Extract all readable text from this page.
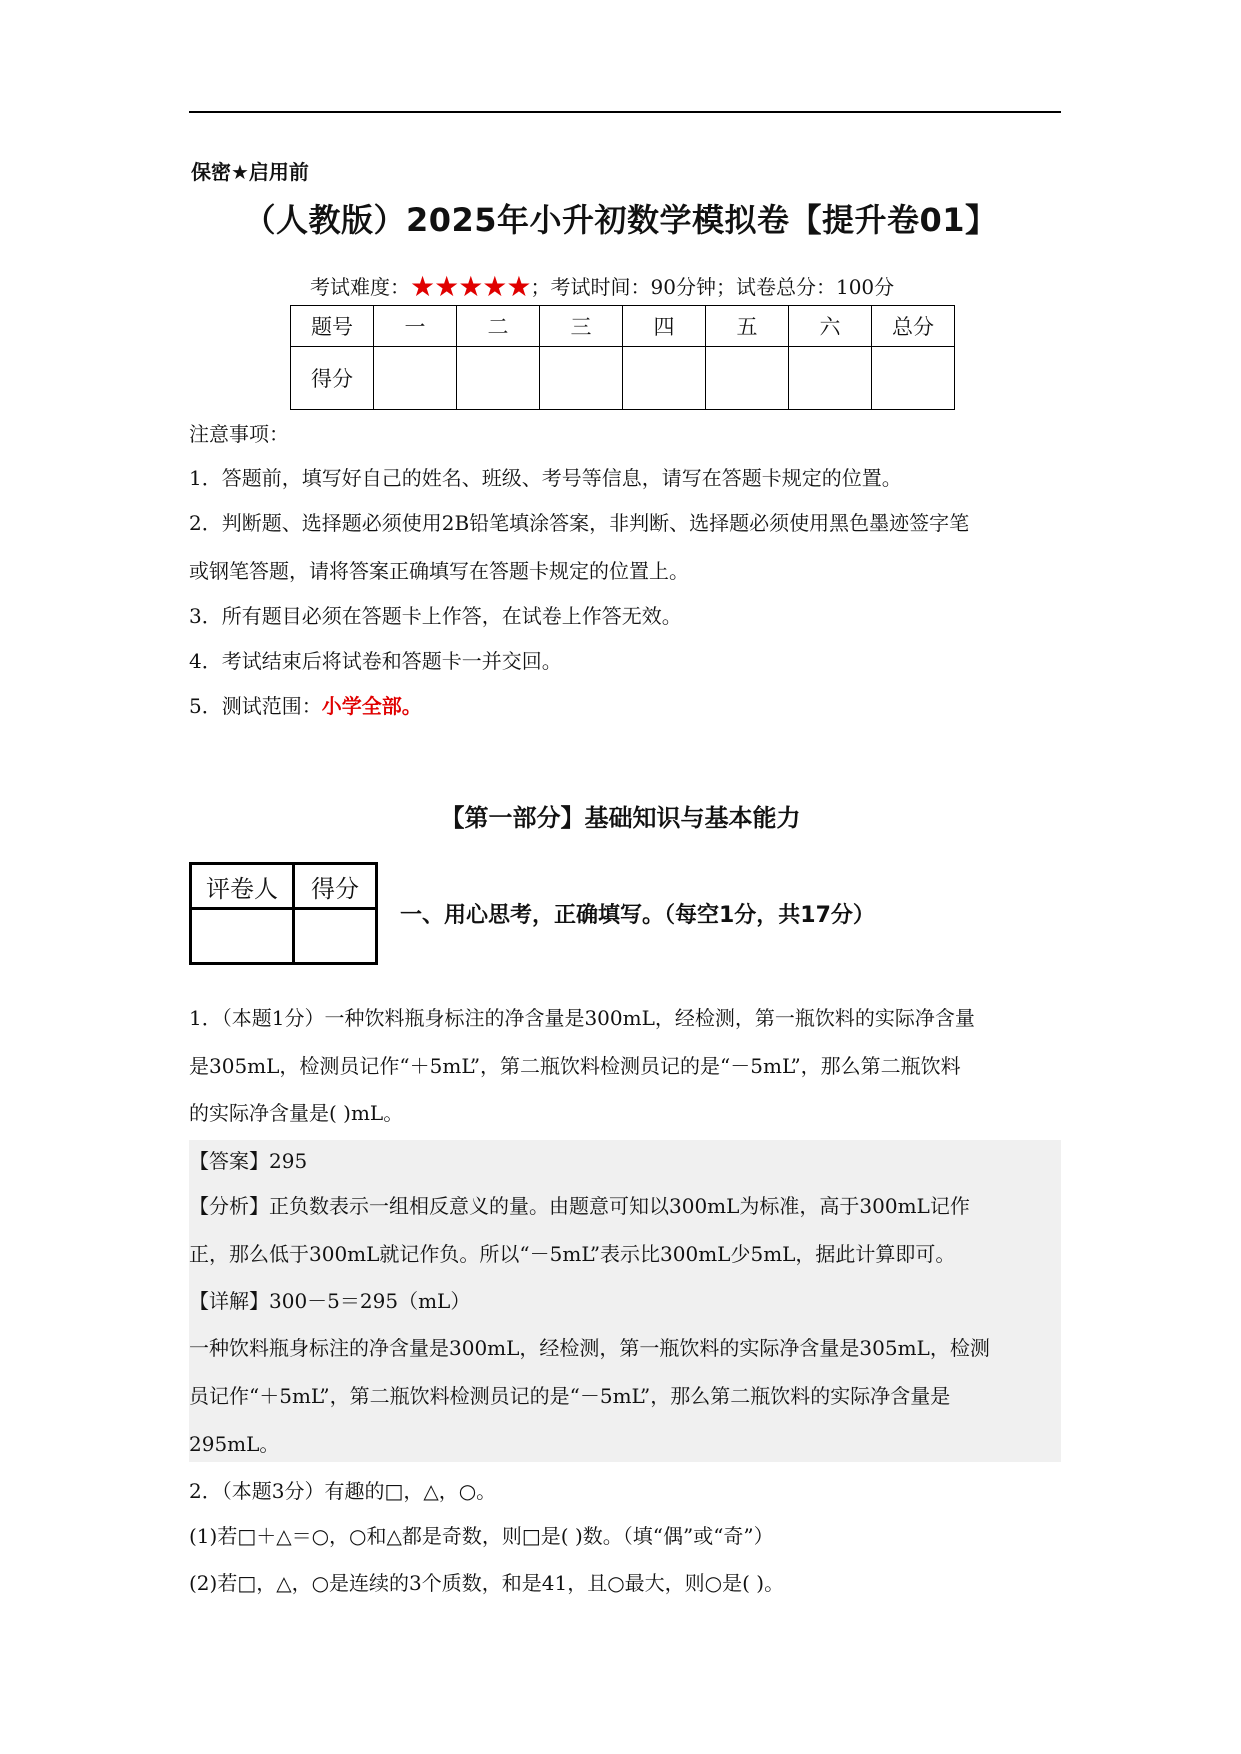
保密★启用前
（人教版）2025年小升初数学模拟卷【提升卷01】
考试难度：★★★★★；考试时间：90分钟；试卷总分：100分
题号	一	二	三	四	五	六	总分
得分							
注意事项：
1．答题前，填写好自己的姓名、班级、考号等信息，请写在答题卡规定的位置。
2．判断题、选择题必须使用2B铅笔填涂答案，非判断、选择题必须使用黑色墨迹签字笔
或钢笔答题，请将答案正确填写在答题卡规定的位置上。
3．所有题目必须在答题卡上作答，在试卷上作答无效。
4．考试结束后将试卷和答题卡一并交回。
5．测试范围：小学全部。
【第一部分】基础知识与基本能力
评卷人	得分

一、用心思考，正确填写。（每空1分，共17分）
1．（本题1分）一种饮料瓶身标注的净含量是300mL，经检测，第一瓶饮料的实际净含量
是305mL，检测员记作“＋5mL”，第二瓶饮料检测员记的是“－5mL”，那么第二瓶饮料
的实际净含量是( )mL。
【答案】295
【分析】正负数表示一组相反意义的量。由题意可知以300mL为标准，高于300mL记作
正，那么低于300mL就记作负。所以“－5mL”表示比300mL少5mL，据此计算即可。
【详解】300－5＝295（mL）
一种饮料瓶身标注的净含量是300mL，经检测，第一瓶饮料的实际净含量是305mL，检测
员记作“＋5mL”，第二瓶饮料检测员记的是“－5mL”，那么第二瓶饮料的实际净含量是
295mL。
2．（本题3分）有趣的□，△，○。
(1)若□＋△＝○，○和△都是奇数，则□是( )数。（填“偶”或“奇”）
(2)若□，△，○是连续的3个质数，和是41，且○最大，则○是( )。
